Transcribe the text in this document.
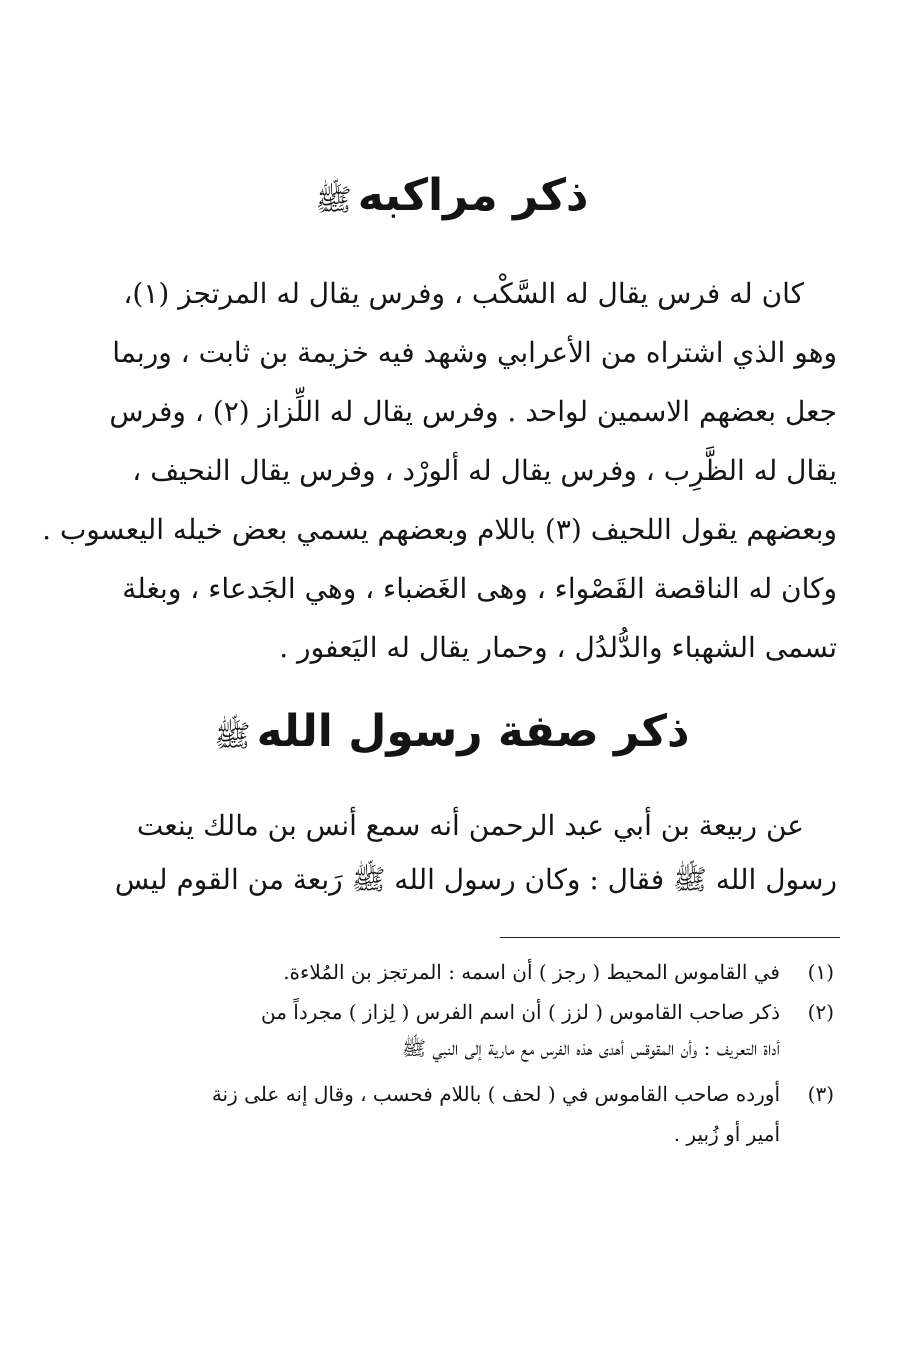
ذكر مراكبهﷺ
كان له فرس يقال له السَّكْب ، وفرس يقال له المرتجز (١)،
وهو الذي اشتراه من الأعرابي وشهد فيه خزيمة بن ثابت ، وربما
جعل بعضهم الاسمين لواحد . وفرس يقال له اللِّزاز (٢) ، وفرس
يقال له الظَّرِب ، وفرس يقال له ألورْد ، وفرس يقال النحيف ،
وبعضهم يقول اللحيف (٣) باللام وبعضهم يسمي بعض خيله اليعسوب .
وكان له الناقصة القَصْواء ، وهى الغَضباء ، وهي الجَدعاء ، وبغلة
تسمى الشهباء والدُّلدُل ، وحمار يقال له اليَعفور .
ذكر صفة رسول اللهﷺ
عن ربيعة بن أبي عبد الرحمن أنه سمع أنس بن مالك ينعت
رسول الله ﷺ فقال : وكان رسول الله ﷺ رَبعة من القوم ليس
(١)في القاموس المحيط ( رجز ) أن اسمه : المرتجز بن المُلاءة.
(٢)ذكر صاحب القاموس ( لزز ) أن اسم الفرس ( لِزاز ) مجرداً من
أداة التعريف : وأن المقوقس أهدى هذه الفرس مع مارية إلى النبي ﷺ
(٣)أورده صاحب القاموس في ( لحف ) باللام فحسب ، وقال إنه على زنة
أمير أو زُبير .
